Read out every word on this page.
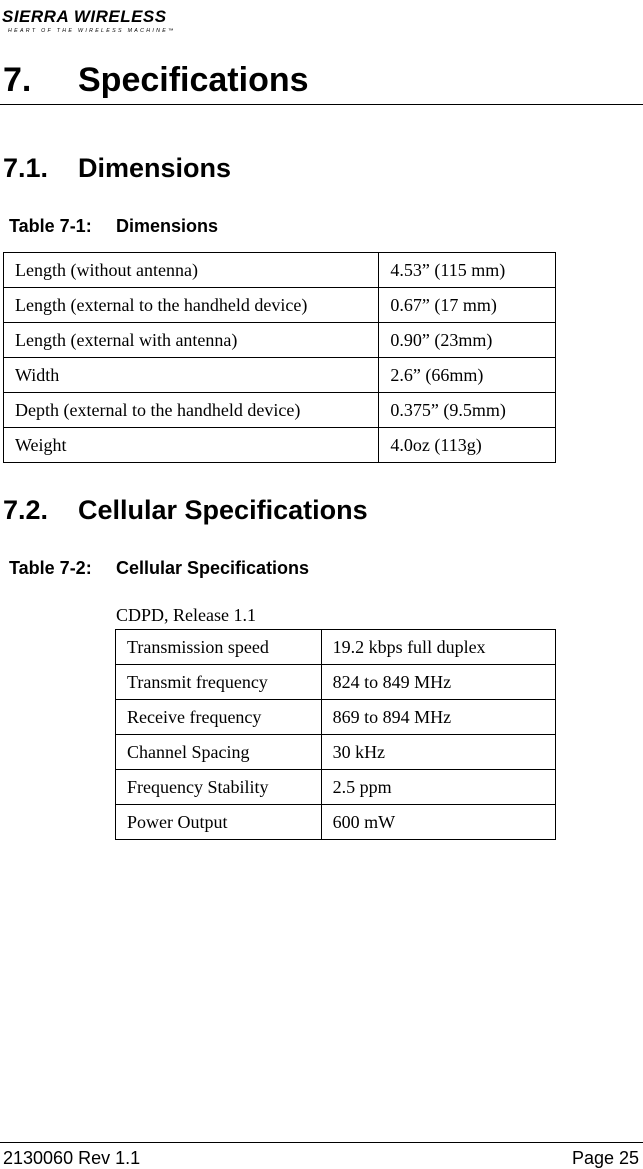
SIERRA WIRELESS
HEART OF THE WIRELESS MACHINE™
7. Specifications
7.1. Dimensions
Table 7-1: Dimensions
Length (without antenna)	4.53” (115 mm)
Length (external to the handheld device)	0.67” (17 mm)
Length (external with antenna)	0.90” (23mm)
Width	2.6” (66mm)
Depth (external to the handheld device)	0.375” (9.5mm)
Weight	4.0oz (113g)
7.2. Cellular Specifications
Table 7-2: Cellular Specifications
CDPD, Release 1.1
Transmission speed	19.2 kbps full duplex
Transmit frequency	824 to 849 MHz
Receive frequency	869 to 894 MHz
Channel Spacing	30 kHz
Frequency Stability	2.5 ppm
Power Output	600 mW
2130060 Rev 1.1	Page 25
